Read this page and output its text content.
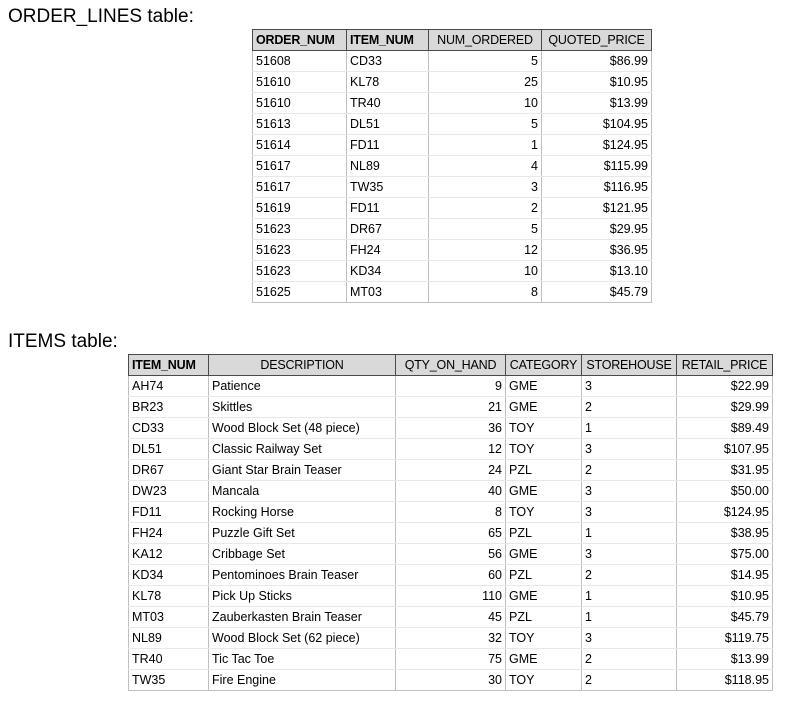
ORDER_LINES table:
ORDER_NUM	ITEM_NUM	NUM_ORDERED	QUOTED_PRICE
51608	CD33	5	$86.99
51610	KL78	25	$10.95
51610	TR40	10	$13.99
51613	DL51	5	$104.95
51614	FD11	1	$124.95
51617	NL89	4	$115.99
51617	TW35	3	$116.95
51619	FD11	2	$121.95
51623	DR67	5	$29.95
51623	FH24	12	$36.95
51623	KD34	10	$13.10
51625	MT03	8	$45.79
ITEMS table:
ITEM_NUM	DESCRIPTION	QTY_ON_HAND	CATEGORY	STOREHOUSE	RETAIL_PRICE
AH74	Patience	9	GME	3	$22.99
BR23	Skittles	21	GME	2	$29.99
CD33	Wood Block Set (48 piece)	36	TOY	1	$89.49
DL51	Classic Railway Set	12	TOY	3	$107.95
DR67	Giant Star Brain Teaser	24	PZL	2	$31.95
DW23	Mancala	40	GME	3	$50.00
FD11	Rocking Horse	8	TOY	3	$124.95
FH24	Puzzle Gift Set	65	PZL	1	$38.95
KA12	Cribbage Set	56	GME	3	$75.00
KD34	Pentominoes Brain Teaser	60	PZL	2	$14.95
KL78	Pick Up Sticks	110	GME	1	$10.95
MT03	Zauberkasten Brain Teaser	45	PZL	1	$45.79
NL89	Wood Block Set (62 piece)	32	TOY	3	$119.75
TR40	Tic Tac Toe	75	GME	2	$13.99
TW35	Fire Engine	30	TOY	2	$118.95
